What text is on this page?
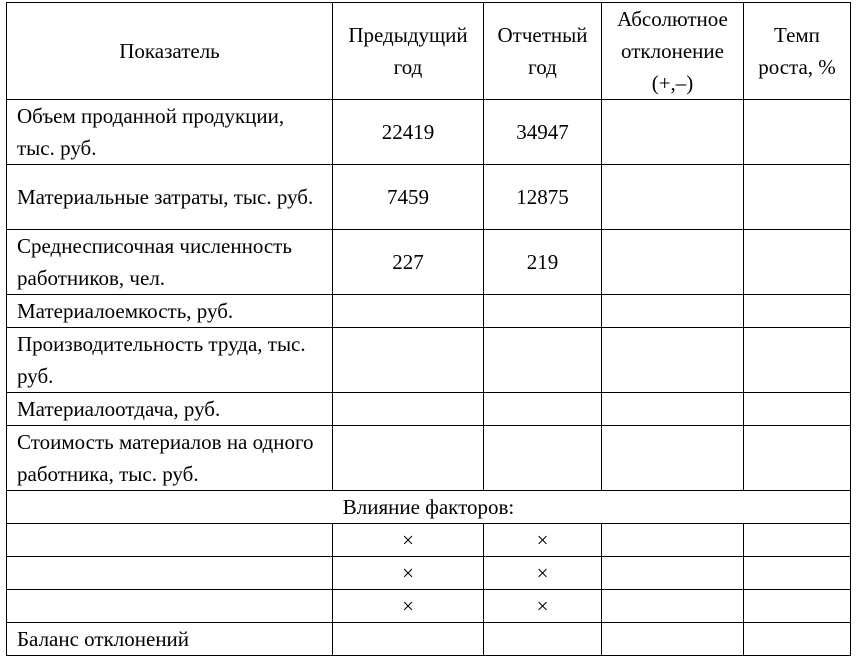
Показатель	Предыдущий год	Отчетный год	Абсолютное отклонение (+,–)	Темп роста, %
Объем проданной продукции, тыс. руб.	22419	34947		
Материальные затраты, тыс. руб.	7459	12875		
Среднесписочная численность работников, чел.	227	219		
Материалоемкость, руб.				
Производительность труда, тыс. руб.				
Материалоотдача, руб.				
Стоимость материалов на одного работника, тыс. руб.				
Влияние факторов:				
	×	×		
	×	×		
	×	×		
Баланс отклонений				
